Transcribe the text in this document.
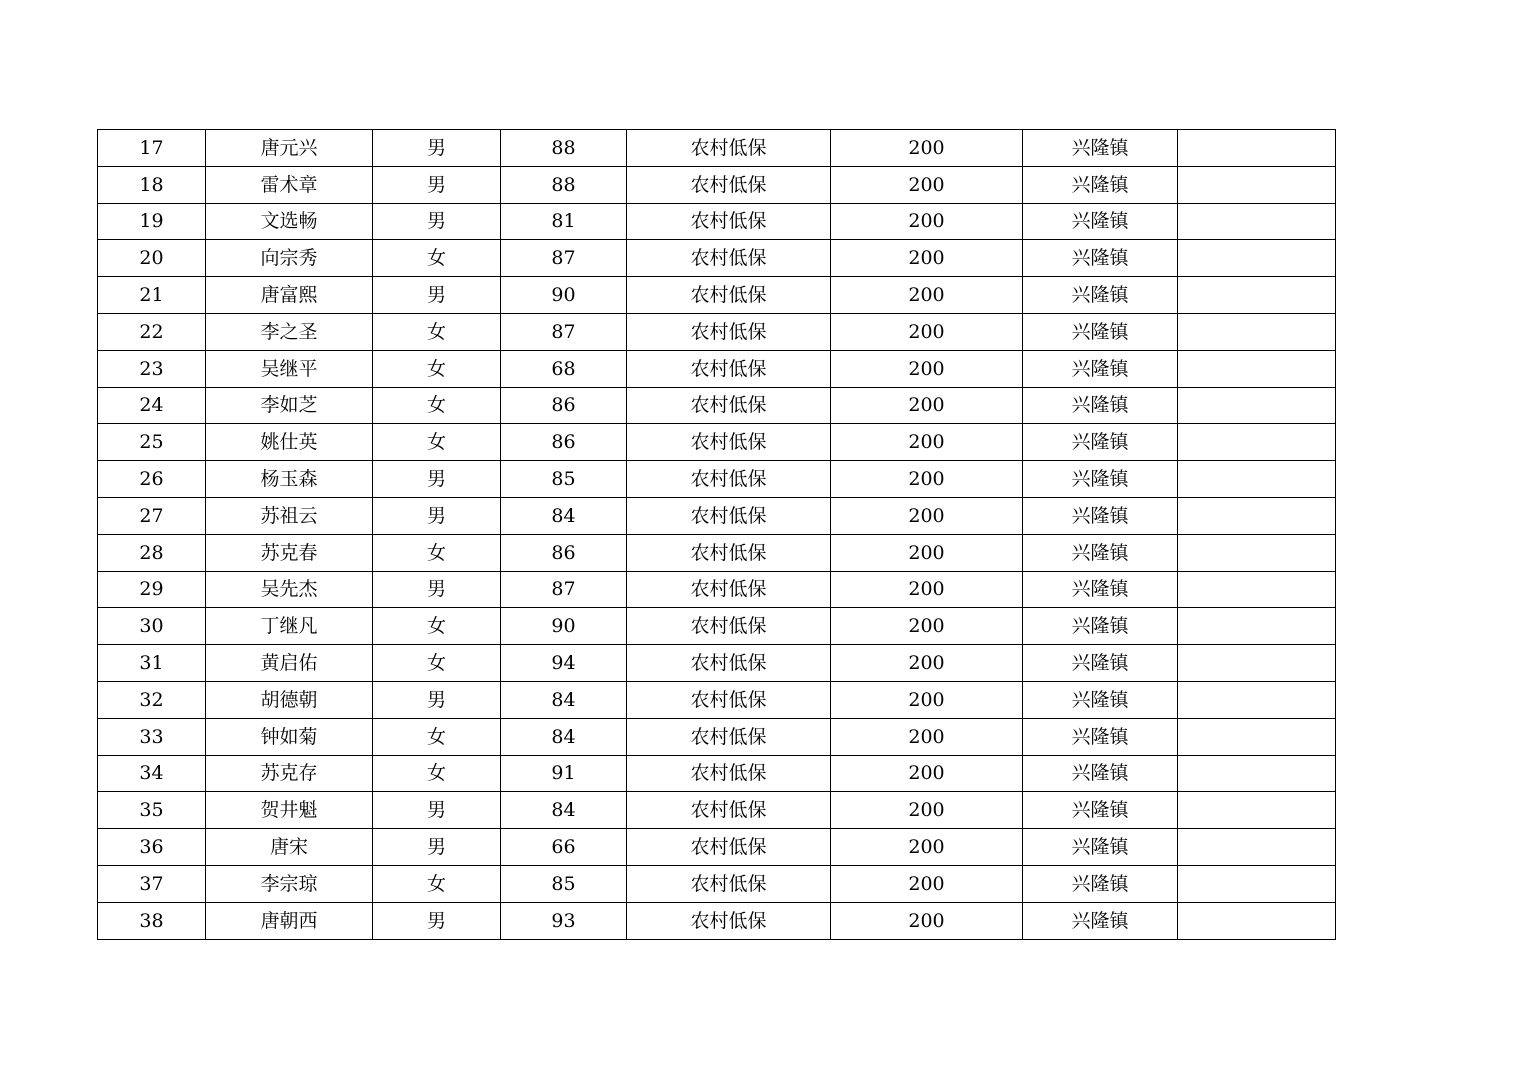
17	唐元兴	男	88	农村低保	200	兴隆镇	
18	雷术章	男	88	农村低保	200	兴隆镇	
19	文选畅	男	81	农村低保	200	兴隆镇	
20	向宗秀	女	87	农村低保	200	兴隆镇	
21	唐富熙	男	90	农村低保	200	兴隆镇	
22	李之圣	女	87	农村低保	200	兴隆镇	
23	吴继平	女	68	农村低保	200	兴隆镇	
24	李如芝	女	86	农村低保	200	兴隆镇	
25	姚仕英	女	86	农村低保	200	兴隆镇	
26	杨玉森	男	85	农村低保	200	兴隆镇	
27	苏祖云	男	84	农村低保	200	兴隆镇	
28	苏克春	女	86	农村低保	200	兴隆镇	
29	吴先杰	男	87	农村低保	200	兴隆镇	
30	丁继凡	女	90	农村低保	200	兴隆镇	
31	黄启佑	女	94	农村低保	200	兴隆镇	
32	胡德朝	男	84	农村低保	200	兴隆镇	
33	钟如菊	女	84	农村低保	200	兴隆镇	
34	苏克存	女	91	农村低保	200	兴隆镇	
35	贺井魁	男	84	农村低保	200	兴隆镇	
36	唐宋	男	66	农村低保	200	兴隆镇	
37	李宗琼	女	85	农村低保	200	兴隆镇	
38	唐朝西	男	93	农村低保	200	兴隆镇	
